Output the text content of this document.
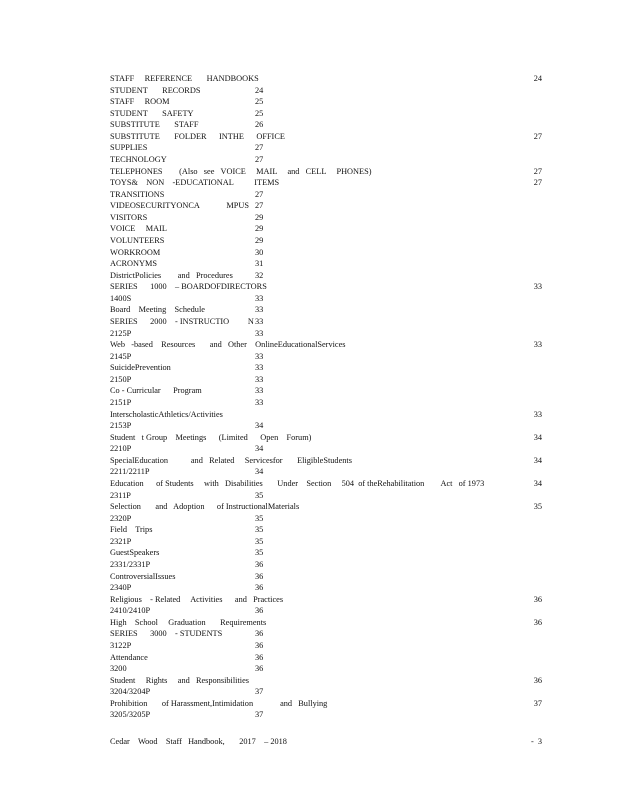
STAFF     REFERENCE       HANDBOOKS	24
STUDENT       RECORDS	24
STAFF     ROOM	25
STUDENT       SAFETY	25
SUBSTITUTE       STAFF	26
SUBSTITUTE       FOLDER      INTHE      OFFICE	27
SUPPLIES	27
TECHNOLOGY	27
TELEPHONES        (Also   see   VOICE     MAIL     and   CELL     PHONES)	27
TOYS&    NON    -EDUCATIONAL          ITEMS	27
TRANSITIONS	27
VIDEOSECURITYONCA             MPUS 27
VISITORS	29
VOICE     MAIL	29
VOLUNTEERS	29
WORKROOM	30
ACRONYMS	31
DistrictPolicies        and   Procedures	32
SERIES      1000    – BOARDOFDIRECTORS	33
1400S	33
Board    Meeting    Schedule	33
SERIES      2000    - INSTRUCTIO         N 33
2125P	33
Web   -based    Resources       and   Other    OnlineEducationalServices	33
2145P	33
SuicidePrevention	33
2150P	33
Co - Curricular      Program	33
2151P	33
InterscholasticAthletics/Activities	33
2153P	34
Student   t Group    Meetings      (Limited      Open    Forum)	34
2210P	34
SpecialEducation           and   Related     Servicesfor       EligibleStudents	34
2211/2211P	34
Education      of Students     with   Disabilities       Under    Section     504  of theRehabilitation        Act   of 1973	34
2311P	35
Selection       and   Adoption      of InstructionalMaterials	35
2320P	35
Field    Trips	35
2321P	35
GuestSpeakers	35
2331/2331P	36
ControversialIssues	36
2340P	36
Religious    - Related     Activities      and   Practices	36
2410/2410P	36
High    School     Graduation       Requirements	36
SERIES      3000    - STUDENTS	36
3122P	36
Attendance	36
3200	36
Student     Rights     and   Responsibilities	36
3204/3204P	37
Prohibition       of Harassment,Intimidation             and   Bullying	37
3205/3205P	37
Cedar    Wood    Staff   Handbook,       2017    – 2018	-  3
